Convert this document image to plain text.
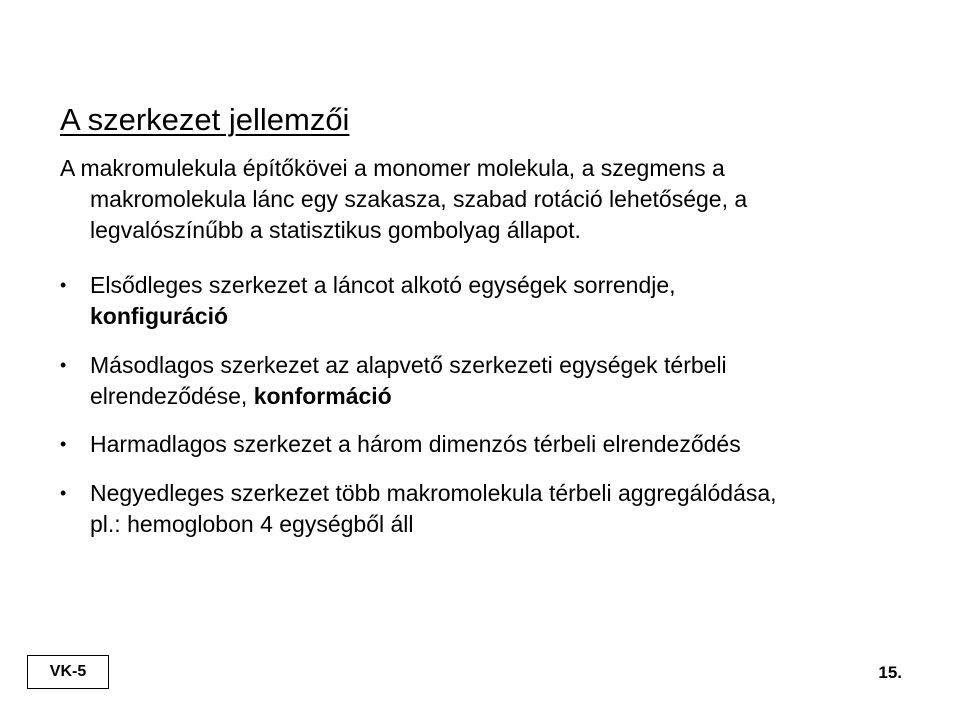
A szerkezet jellemzői
A makromulekula építőkövei a monomer molekula, a szegmens a
makromolekula lánc egy szakasza, szabad rotáció lehetősége, a
legvalószínűbb a statisztikus gombolyag állapot.
•	Elsődleges szerkezet a láncot alkotó egységek sorrendje,
konfiguráció
•	Másodlagos szerkezet az alapvető szerkezeti egységek térbeli
elrendeződése, konformáció
•	Harmadlagos szerkezet a három dimenzós térbeli elrendeződés
•	Negyedleges szerkezet több makromolekula térbeli aggregálódása,
pl.: hemoglobon 4 egységből áll
VK-5	15.
